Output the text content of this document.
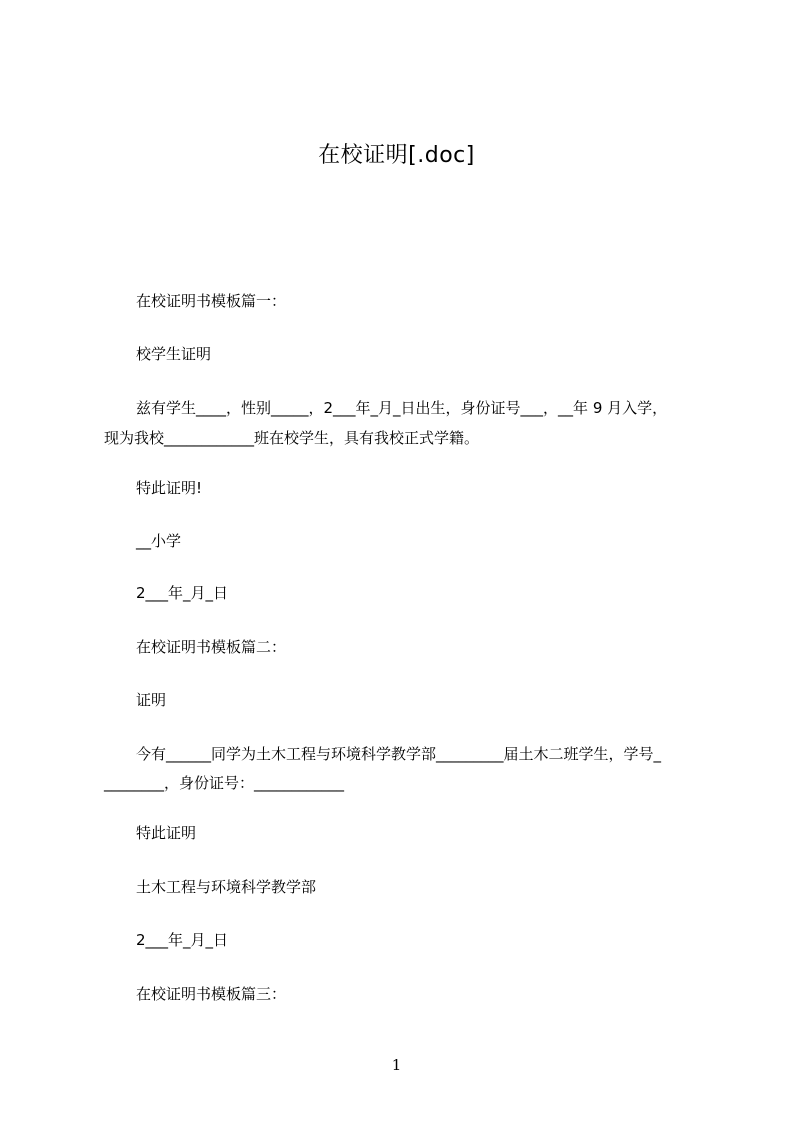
在校证明[.doc]
在校证明书模板篇一：
校学生证明
兹有学生____，性别_____，2___年_月_日出生，身份证号___，__年 9 月入学，
现为我校____________班在校学生，具有我校正式学籍。
特此证明!
__小学
2___年_月_日
在校证明书模板篇二：
证明
今有______同学为土木工程与环境科学教学部_________届土木二班学生，学号_
________，身份证号：____________
特此证明
土木工程与环境科学教学部
2___年_月_日
在校证明书模板篇三：
1
